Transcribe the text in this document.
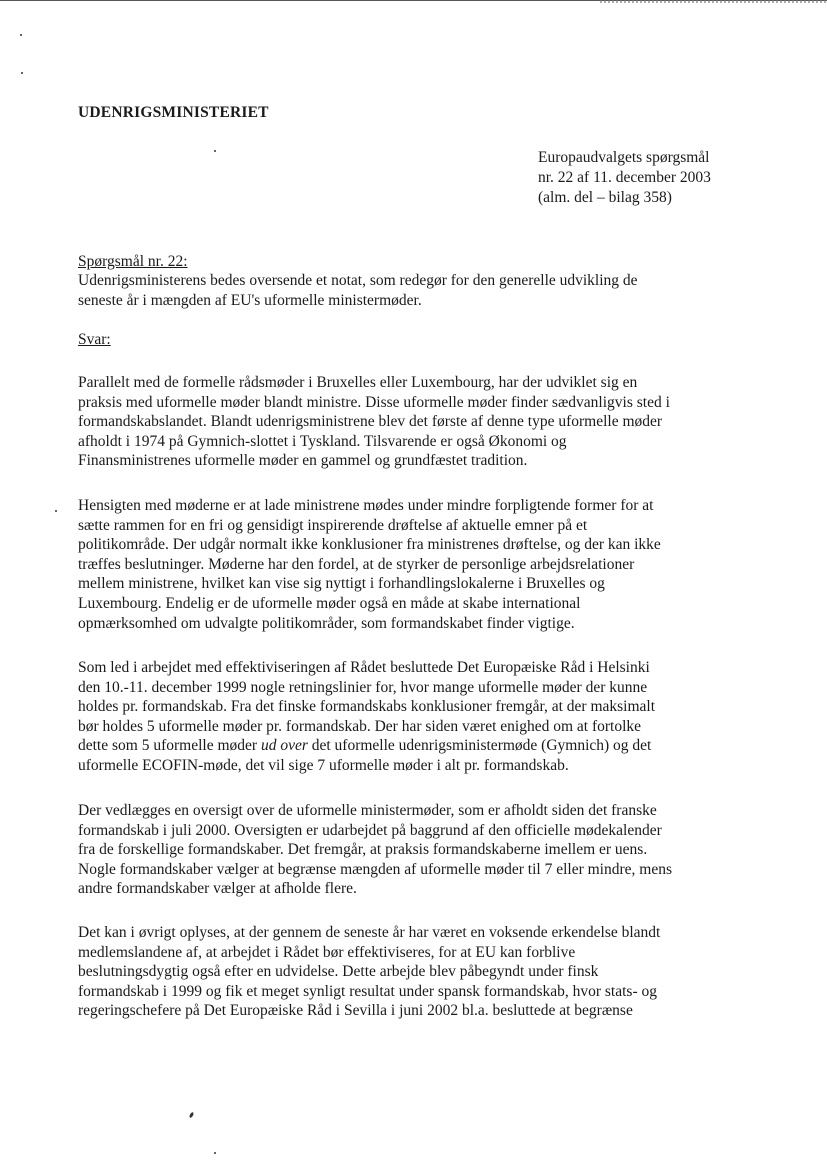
UDENRIGSMINISTERIET
Europaudvalgets spørgsmål
nr. 22 af 11. december 2003
(alm. del – bilag 358)
Spørgsmål nr. 22:
Udenrigsministerens bedes oversende et notat, som redegør for den generelle udvikling de
seneste år i mængden af EU's uformelle ministermøder.
Svar:
Parallelt med de formelle rådsmøder i Bruxelles eller Luxembourg, har der udviklet sig en
praksis med uformelle møder blandt ministre. Disse uformelle møder finder sædvanligvis sted i
formandskabslandet. Blandt udenrigsministrene blev det første af denne type uformelle møder
afholdt i 1974 på Gymnich-slottet i Tyskland. Tilsvarende er også Økonomi og
Finansministrenes uformelle møder en gammel og grundfæstet tradition.
Hensigten med møderne er at lade ministrene mødes under mindre forpligtende former for at
sætte rammen for en fri og gensidigt inspirerende drøftelse af aktuelle emner på et
politikområde. Der udgår normalt ikke konklusioner fra ministrenes drøftelse, og der kan ikke
træffes beslutninger. Møderne har den fordel, at de styrker de personlige arbejdsrelationer
mellem ministrene, hvilket kan vise sig nyttigt i forhandlingslokalerne i Bruxelles og
Luxembourg. Endelig er de uformelle møder også en måde at skabe international
opmærksomhed om udvalgte politikområder, som formandskabet finder vigtige.
Som led i arbejdet med effektiviseringen af Rådet besluttede Det Europæiske Råd i Helsinki
den 10.-11. december 1999 nogle retningslinier for, hvor mange uformelle møder der kunne
holdes pr. formandskab. Fra det finske formandskabs konklusioner fremgår, at der maksimalt
bør holdes 5 uformelle møder pr. formandskab. Der har siden været enighed om at fortolke
dette som 5 uformelle møder ud over det uformelle udenrigsministermøde (Gymnich) og det
uformelle ECOFIN-møde, det vil sige 7 uformelle møder i alt pr. formandskab.
Der vedlægges en oversigt over de uformelle ministermøder, som er afholdt siden det franske
formandskab i juli 2000. Oversigten er udarbejdet på baggrund af den officielle mødekalender
fra de forskellige formandskaber. Det fremgår, at praksis formandskaberne imellem er uens.
Nogle formandskaber vælger at begrænse mængden af uformelle møder til 7 eller mindre, mens
andre formandskaber vælger at afholde flere.
Det kan i øvrigt oplyses, at der gennem de seneste år har været en voksende erkendelse blandt
medlemslandene af, at arbejdet i Rådet bør effektiviseres, for at EU kan forblive
beslutningsdygtig også efter en udvidelse. Dette arbejde blev påbegyndt under finsk
formandskab i 1999 og fik et meget synligt resultat under spansk formandskab, hvor stats- og
regeringschefere på Det Europæiske Råd i Sevilla i juni 2002 bl.a. besluttede at begrænse
